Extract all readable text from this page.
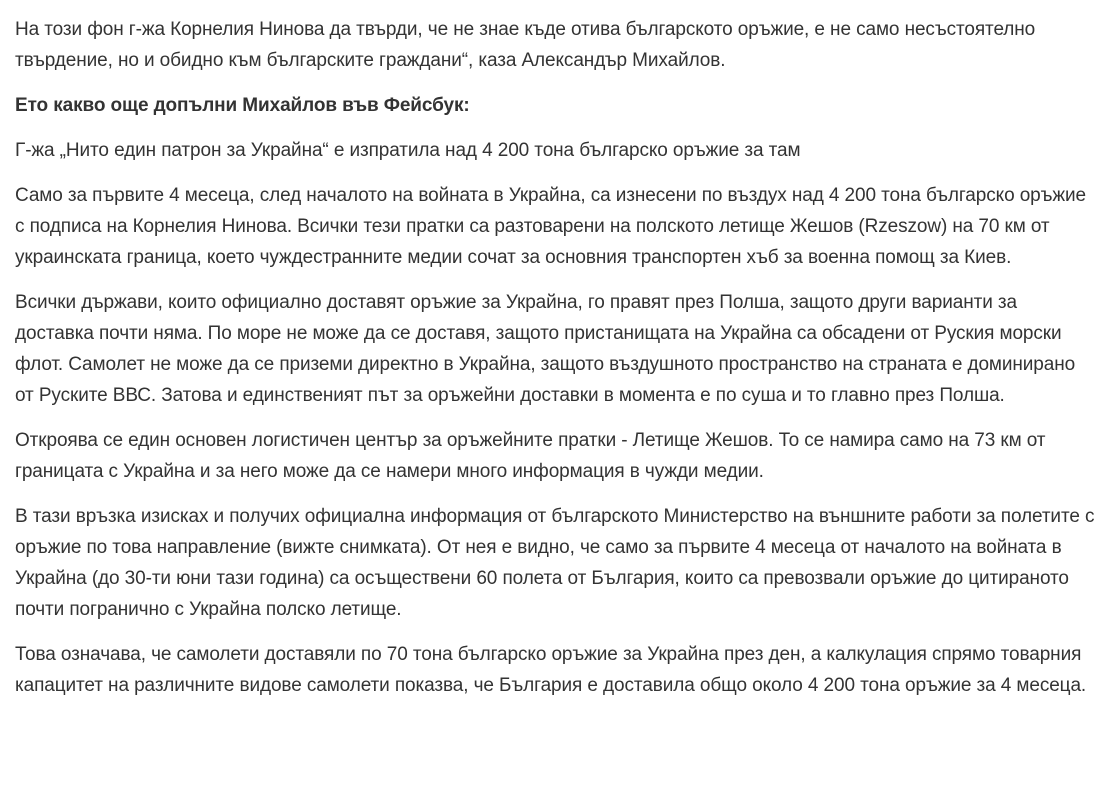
На този фон г-жа Корнелия Нинова да твърди, че не знае къде отива българското оръжие, е не само несъстоятелно твърдение, но и обидно към българските граждани“, каза Александър Михайлов.

Ето какво още допълни Михайлов във Фейсбук:

Г-жа „Нито един патрон за Украйна“ е изпратила над 4 200 тона българско оръжие за там

Само за първите 4 месеца, след началото на войната в Украйна, са изнесени по въздух над 4 200 тона българско оръжие с подписа на Корнелия Нинова. Всички тези пратки са разтоварени на полското летище Жешов (Rzeszow) на 70 км от украинската граница, което чуждестранните медии сочат за основния транспортен хъб за военна помощ за Киев.

Всички държави, които официално доставят оръжие за Украйна, го правят през Полша, защото други варианти за доставка почти няма. По море не може да се доставя, защото пристанищата на Украйна са обсадени от Руския морски флот. Самолет не може да се приземи директно в Украйна, защото въздушното пространство на страната е доминирано от Руските ВВС. Затова и единственият път за оръжейни доставки в момента е по суша и то главно през Полша.

Откроява се един основен логистичен център за оръжейните пратки - Летище Жешов. То се намира само на 73 км от границата с Украйна и за него може да се намери много информация в чужди медии.

В тази връзка изисках и получих официална информация от българското Министерство на външните работи за полетите с оръжие по това направление (вижте снимката). От нея е видно, че само за първите 4 месеца от началото на войната в Украйна (до 30-ти юни тази година) са осъществени 60 полета от България, които са превозвали оръжие до цитираното почти погранично с Украйна полско летище.

Това означава, че самолети доставяли по 70 тона българско оръжие за Украйна през ден, а калкулация спрямо товарния капацитет на различните видове самолети показва, че България е доставила общо около 4 200 тона оръжие за 4 месеца.
